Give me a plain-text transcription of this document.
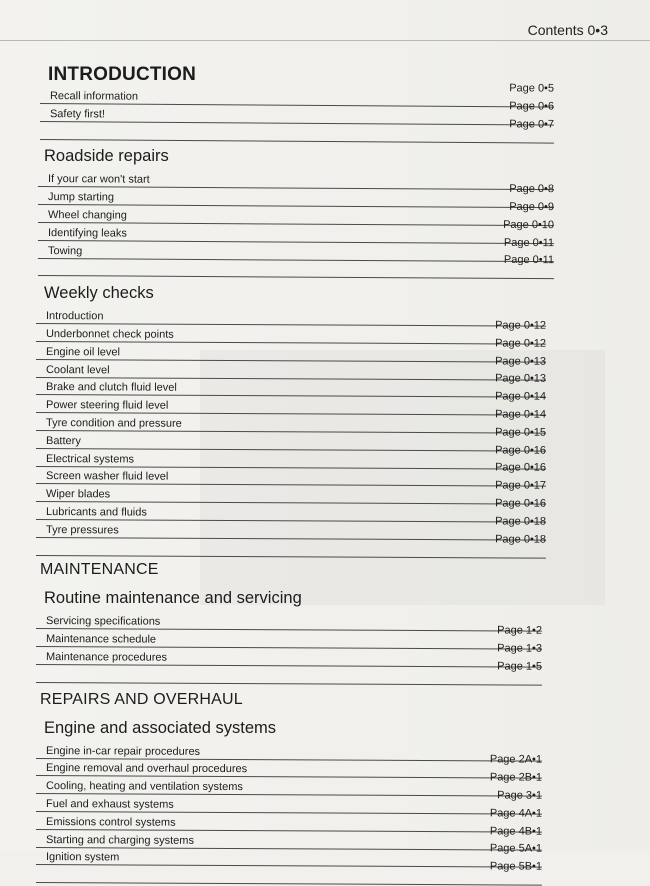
Contents 0•3
INTRODUCTION
Recall information
Page 0•5
Safety first!
Page 0•6
Page 0•7
Roadside repairs
If your car won't start
Jump starting
Page 0•8
Wheel changing
Page 0•9
Identifying leaks
Page 0•10
Towing
Page 0•11
Page 0•11
Weekly checks
Introduction
Underbonnet check points
Page 0•12
Engine oil level
Page 0•12
Coolant level
Page 0•13
Brake and clutch fluid level
Page 0•13
Power steering fluid level
Page 0•14
Tyre condition and pressure
Page 0•14
Battery
Page 0•15
Electrical systems
Page 0•16
Screen washer fluid level
Page 0•16
Wiper blades
Page 0•17
Lubricants and fluids
Page 0•16
Tyre pressures
Page 0•18
Page 0•18
MAINTENANCE
Routine maintenance and servicing
Servicing specifications
Maintenance schedule
Page 1•2
Maintenance procedures
Page 1•3
Page 1•5
REPAIRS AND OVERHAUL
Engine and associated systems
Engine in-car repair procedures
Engine removal and overhaul procedures
Page 2A•1
Cooling, heating and ventilation systems
Page 2B•1
Fuel and exhaust systems
Page 3•1
Emissions control systems
Page 4A•1
Starting and charging systems
Page 4B•1
Ignition system
Page 5A•1
Page 5B•1
